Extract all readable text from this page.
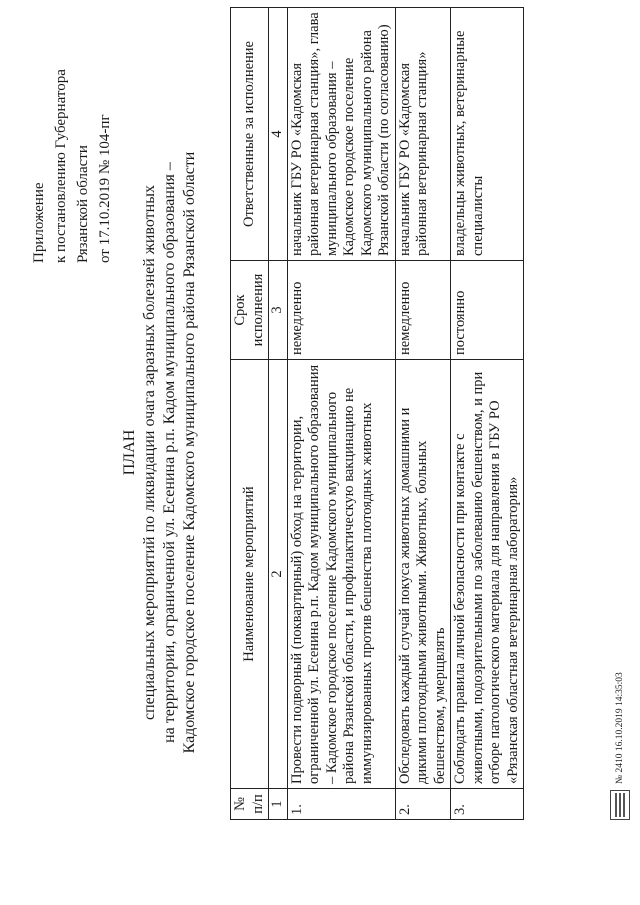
Приложение к постановлению Губернатора Рязанской области от 17.10.2019 № 104-пг
ПЛАН специальных мероприятий по ликвидации очага заразных болезней животных на территории, ограниченной ул. Есенина р.п. Кадом муниципального образования – Кадомское городское поселение Кадомского муниципального района Рязанской области
№ п/п	Наименование мероприятий	Срок исполнения	Ответственные за исполнение
1	2	3	4
1.	Провести подворный (поквартирный) обход на территории, ограниченной ул. Есенина р.п. Кадом муниципального образования – Кадомское городское поселение Кадомского муниципального района Рязанской области, и профилактическую вакцинацию не иммунизированных против бешенства плотоядных животных	немедленно	начальник ГБУ РО «Кадомская районная ветеринарная станция», глава муниципального образования – Кадомское городское поселение Кадомского муниципального района Рязанской области (по согласованию)
2.	Обследовать каждый случай покуса животных домашними и дикими плотоядными животными. Животных, больных бешенством, умерщвлять	немедленно	начальник ГБУ РО «Кадомская районная ветеринарная станция»
3.	Соблюдать правила личной безопасности при контакте с животными, подозрительными по заболеванию бешенством, и при отборе патологического материала для направления в ГБУ РО «Рязанская областная ветеринарная лаборатория»	постоянно	владельцы животных, ветеринарные специалисты
№ 2410 16.10.2019 14:35:03
